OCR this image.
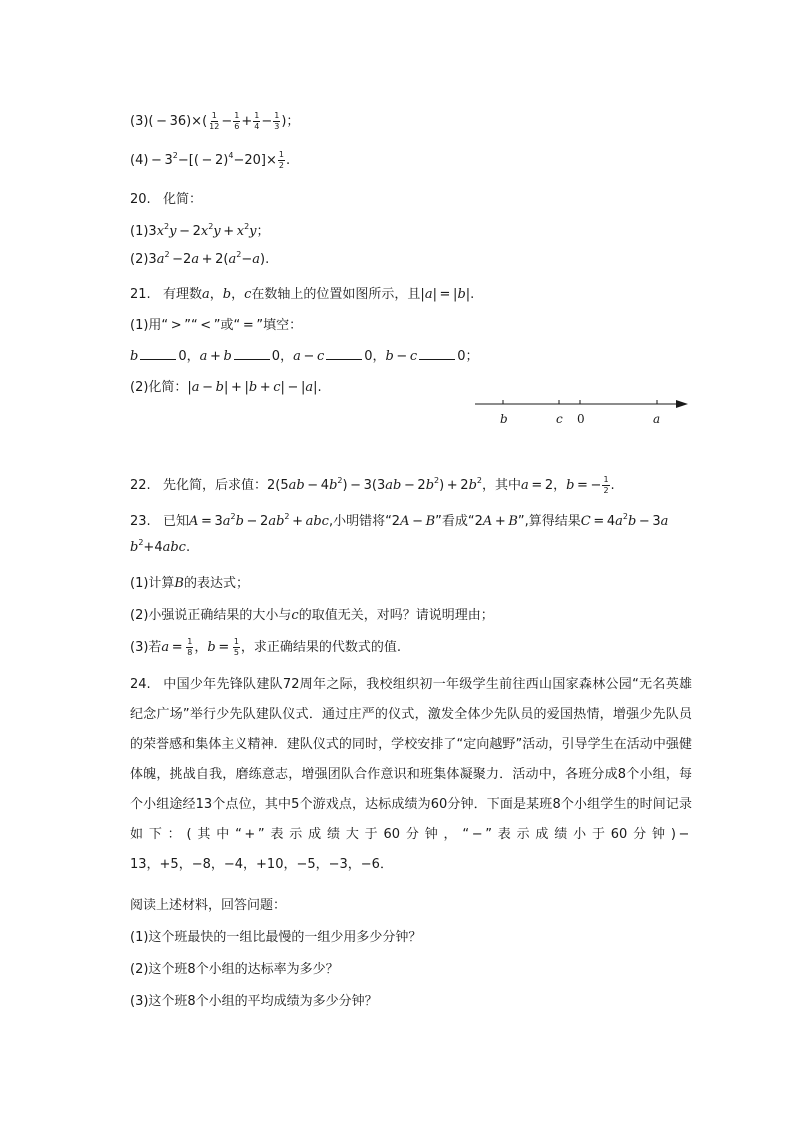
$(3)( - 36)\times( \frac{1}{12} - \frac{1}{6} + \frac{1}{4} - \frac{1}{3}$ )；
$(4) - 3^2-[( - 2)^4-20]\times \frac{1}{2}$ .
20. 化简：
$(1)3x^2y - 2x^2y + x^2y$；
$(2)3a^2 -2a + 2(a^2-a)$.
21. 有理数a，b，c在数轴上的位置如图所示，且|a| = |b|.
(1)用“ > ”“ < ”或“ = ”填空：
b	0，a + b	0，a − c	0，b − c	0；
(2)化简：|a − b| + |b + c| − |a|.
b	c 0	a
22. 先化简，后求值：$2(5ab - 4b^2) - 3(3ab - 2b^2) + 2b^2$，其中a = 2，b = − $\frac{1}{2}$ .
23. 已知$A = 3a^2b - 2ab^2$ + abc,小明错将“2A − B”看成“2A + B”,算得结果$C = 4a^2b - 3a$
$b^2+4abc$.
(1)计算B的表达式；
(2)小强说正确结果的大小与c的取值无关，对吗？请说明理由；
(3)若$a = \frac{1}{8}$ ，$b = \frac{1}{5}$ ，求正确结果的代数式的值.
24. 中国少年先锋队建队72周年之际，我校组织初一年级学生前往西山国家森林公园“无名英雄纪念广场”举行少先队建队仪式．通过庄严的仪式，激发全体少先队员的爱国热情，增强少先队员的荣誉感和集体主义精神．建队仪式的同时，学校安排了“定向越野”活动，引导学生在活动中强健体魄，挑战自我，磨练意志，增强团队合作意识和班集体凝聚力．活动中，各班分成8个小组，每个小组途经13个点位，其中5个游戏点，达标成绩为60分钟．下面是某班8个小组学生的时间记录如下：(其中“ + ”表示成绩大于60分钟，“ − ”表示成绩小于60分钟) − 13，+5，−8，−4，+10，−5，−3，−6．
阅读上述材料，回答问题：
(1)这个班最快的一组比最慢的一组少用多少分钟？
(2)这个班8个小组的达标率为多少？
(3)这个班8个小组的平均成绩为多少分钟？
